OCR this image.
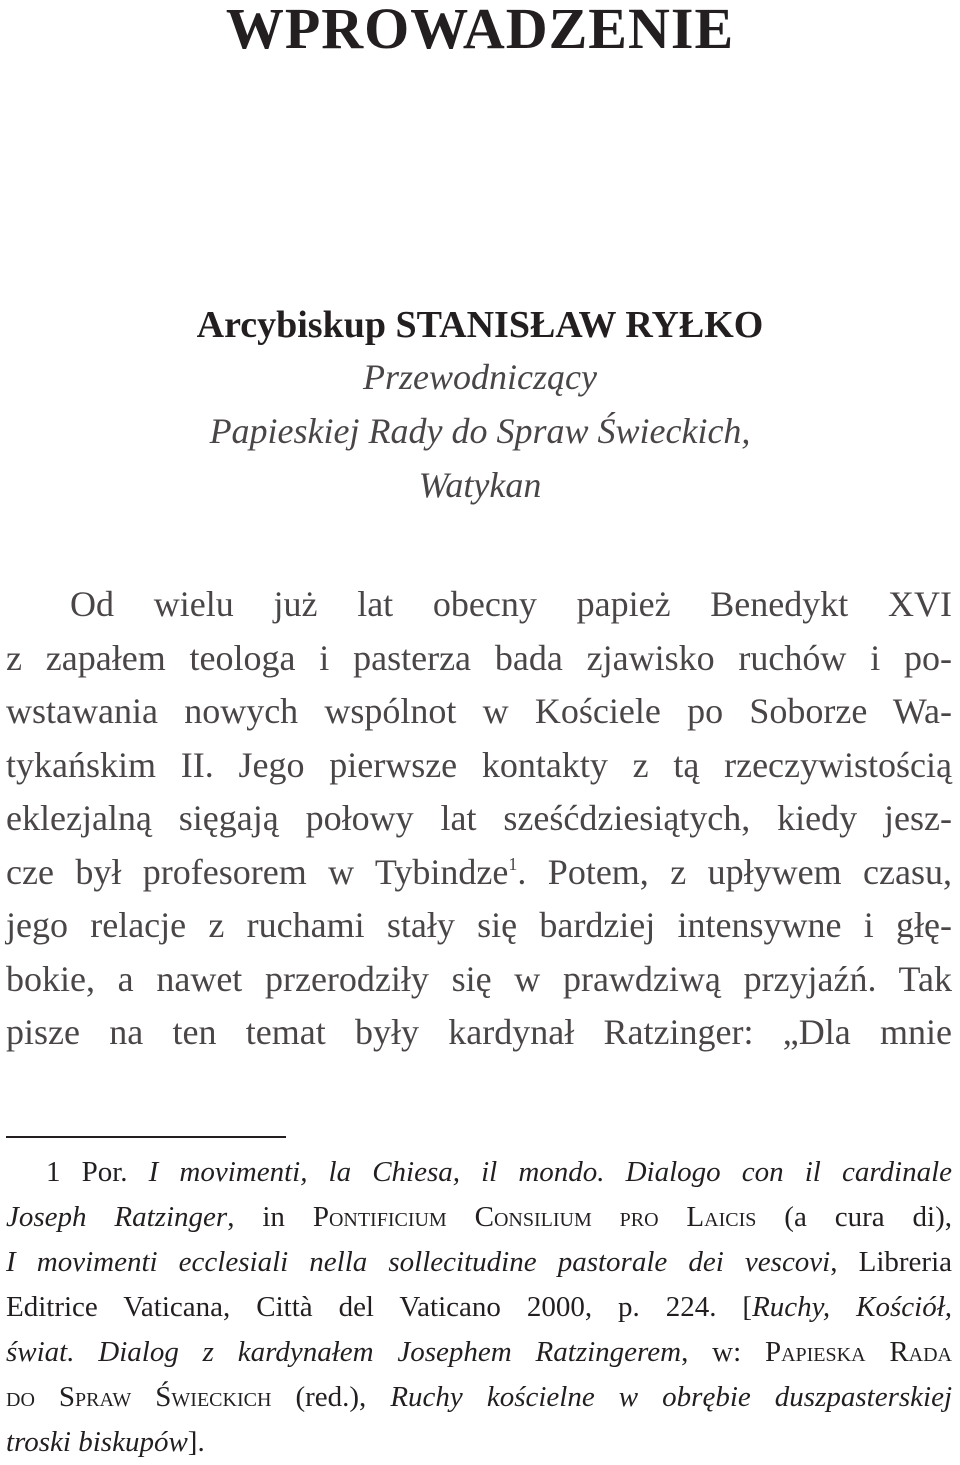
WPROWADZENIE

Arcybiskup STANISŁAW RYŁKO

Przewodniczący

Papieskiej Rady do Spraw Świeckich,

Watykan

Od wielu już lat obecny papież Benedykt XVI
z zapałem teologa i pasterza bada zjawisko ruchów i po-
wstawania nowych wspólnot w Kościele po Soborze Wa-
tykańskim II. Jego pierwsze kontakty z tą rzeczywistością
eklezjalną sięgają połowy lat sześćdziesiątych, kiedy jesz-
cze był profesorem w Tybindze$^1$. Potem, z upływem czasu,
jego relacje z ruchami stały się bardziej intensywne i głę-
bokie, a nawet przerodziły się w prawdziwą przyjaźń. Tak
pisze na ten temat były kardynał Ratzinger: „Dla mnie
1 Por. I movimenti, la Chiesa, il mondo. Dialogo con il cardinale
Joseph Ratzinger, in Pontificium Consilium pro Laicis (a cura di),
I movimenti ecclesiali nella sollecitudine pastorale dei vescovi, Libreria
Editrice Vaticana, Città del Vaticano 2000, p. 224. [Ruchy, Kościół,
świat. Dialog z kardynałem Josephem Ratzingerem, w: Papieska Rada
do Spraw Świeckich (red.), Ruchy kościelne w obrębie duszpasterskiej
troski biskupów].
